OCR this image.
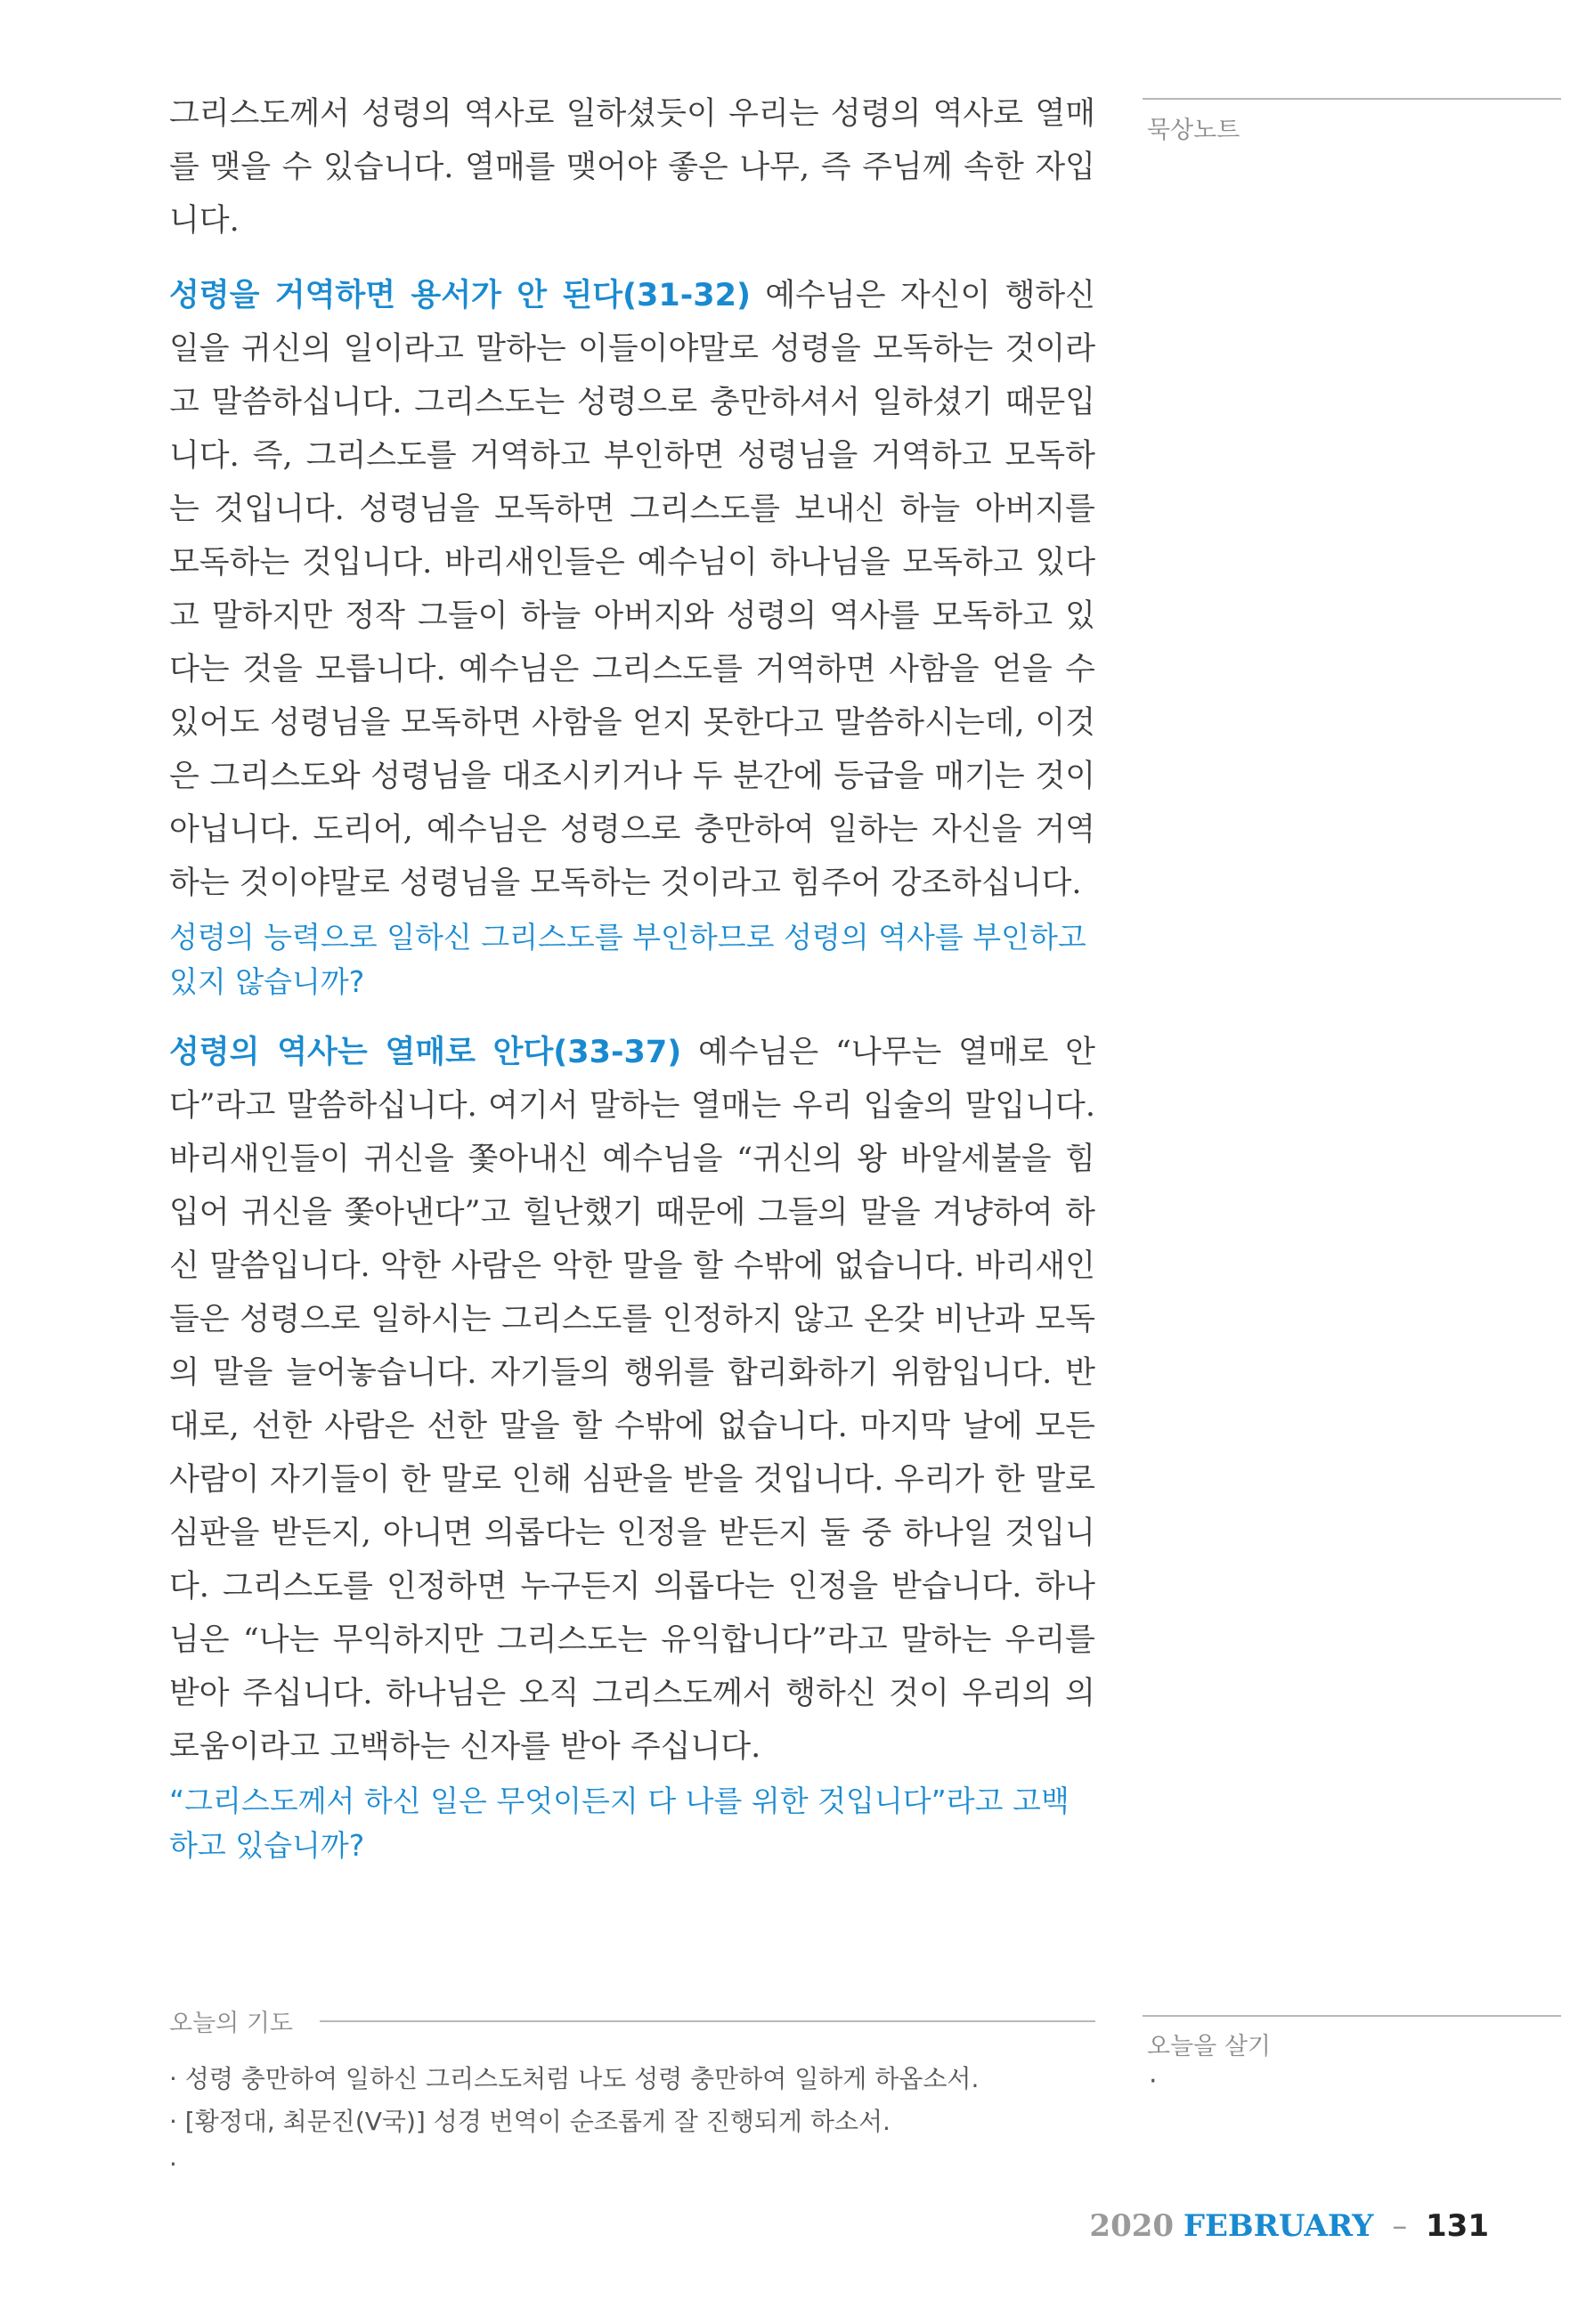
그리스도께서 성령의 역사로 일하셨듯이 우리는 성령의 역사로 열매를 맺을 수 있습니다. 열매를 맺어야 좋은 나무, 즉 주님께 속한 자입니다.

성령을 거역하면 용서가 안 된다(31-32) 예수님은 자신이 행하신 일을 귀신의 일이라고 말하는 이들이야말로 성령을 모독하는 것이라고 말씀하십니다. 그리스도는 성령으로 충만하셔서 일하셨기 때문입니다. 즉, 그리스도를 거역하고 부인하면 성령님을 거역하고 모독하는 것입니다. 성령님을 모독하면 그리스도를 보내신 하늘 아버지를 모독하는 것입니다. 바리새인들은 예수님이 하나님을 모독하고 있다고 말하지만 정작 그들이 하늘 아버지와 성령의 역사를 모독하고 있다는 것을 모릅니다. 예수님은 그리스도를 거역하면 사함을 얻을 수 있어도 성령님을 모독하면 사함을 얻지 못한다고 말씀하시는데, 이것은 그리스도와 성령님을 대조시키거나 두 분간에 등급을 매기는 것이 아닙니다. 도리어, 예수님은 성령으로 충만하여 일하는 자신을 거역하는 것이야말로 성령님을 모독하는 것이라고 힘주어 강조하십니다.

성령의 능력으로 일하신 그리스도를 부인하므로 성령의 역사를 부인하고 있지 않습니까?

성령의 역사는 열매로 안다(33-37) 예수님은 “나무는 열매로 안다”라고 말씀하십니다. 여기서 말하는 열매는 우리 입술의 말입니다. 바리새인들이 귀신을 쫓아내신 예수님을 “귀신의 왕 바알세불을 힘입어 귀신을 쫓아낸다”고 힐난했기 때문에 그들의 말을 겨냥하여 하신 말씀입니다. 악한 사람은 악한 말을 할 수밖에 없습니다. 바리새인들은 성령으로 일하시는 그리스도를 인정하지 않고 온갖 비난과 모독의 말을 늘어놓습니다. 자기들의 행위를 합리화하기 위함입니다. 반대로, 선한 사람은 선한 말을 할 수밖에 없습니다. 마지막 날에 모든 사람이 자기들이 한 말로 인해 심판을 받을 것입니다. 우리가 한 말로 심판을 받든지, 아니면 의롭다는 인정을 받든지 둘 중 하나일 것입니다. 그리스도를 인정하면 누구든지 의롭다는 인정을 받습니다. 하나님은 “나는 무익하지만 그리스도는 유익합니다”라고 말하는 우리를 받아 주십니다. 하나님은 오직 그리스도께서 행하신 것이 우리의 의로움이라고 고백하는 신자를 받아 주십니다.

“그리스도께서 하신 일은 무엇이든지 다 나를 위한 것입니다”라고 고백하고 있습니까?

묵상노트
오늘을 살기
·
오늘의 기도
· 성령 충만하여 일하신 그리스도처럼 나도 성령 충만하여 일하게 하옵소서.
· [황정대, 최문진(V국)] 성경 번역이 순조롭게 잘 진행되게 하소서.
·
2020 FEBRUARY – 131
